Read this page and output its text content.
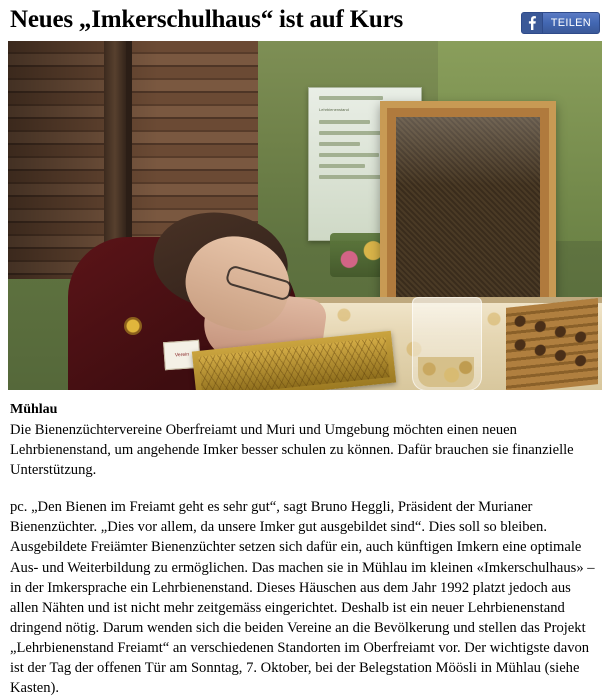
Neues „Imkerschulhaus“ ist auf Kurs	TEILEN
Lehrbienenstand
Verein
Mühlau

Die Bienenzüchtervereine Oberfreiamt und Muri und Umgebung möchten einen neuen Lehrbienenstand, um angehende Imker besser schulen zu können. Dafür brauchen sie finanzielle Unterstützung.

pc. „Den Bienen im Freiamt geht es sehr gut“, sagt Bruno Heggli, Präsident der Murianer Bienenzüchter. „Dies vor allem, da unsere Imker gut ausgebildet sind“. Dies soll so bleiben. Ausgebildete Freiämter Bienenzüchter setzen sich dafür ein, auch künftigen Imkern eine optimale Aus- und Weiterbildung zu ermöglichen. Das machen sie in Mühlau im kleinen «Imkerschulhaus» – in der Imkersprache ein Lehrbienenstand. Dieses Häuschen aus dem Jahr 1992 platzt jedoch aus allen Nähten und ist nicht mehr zeitgemäss eingerichtet. Deshalb ist ein neuer Lehrbienenstand dringend nötig. Darum wenden sich die beiden Vereine an die Bevölkerung und stellen das Projekt „Lehrbienenstand Freiamt“ an verschiedenen Standorten im Oberfreiamt vor. Der wichtigste davon ist der Tag der offenen Tür am Sonntag, 7. Oktober, bei der Belegstation Möösli in Mühlau (siehe Kasten).
